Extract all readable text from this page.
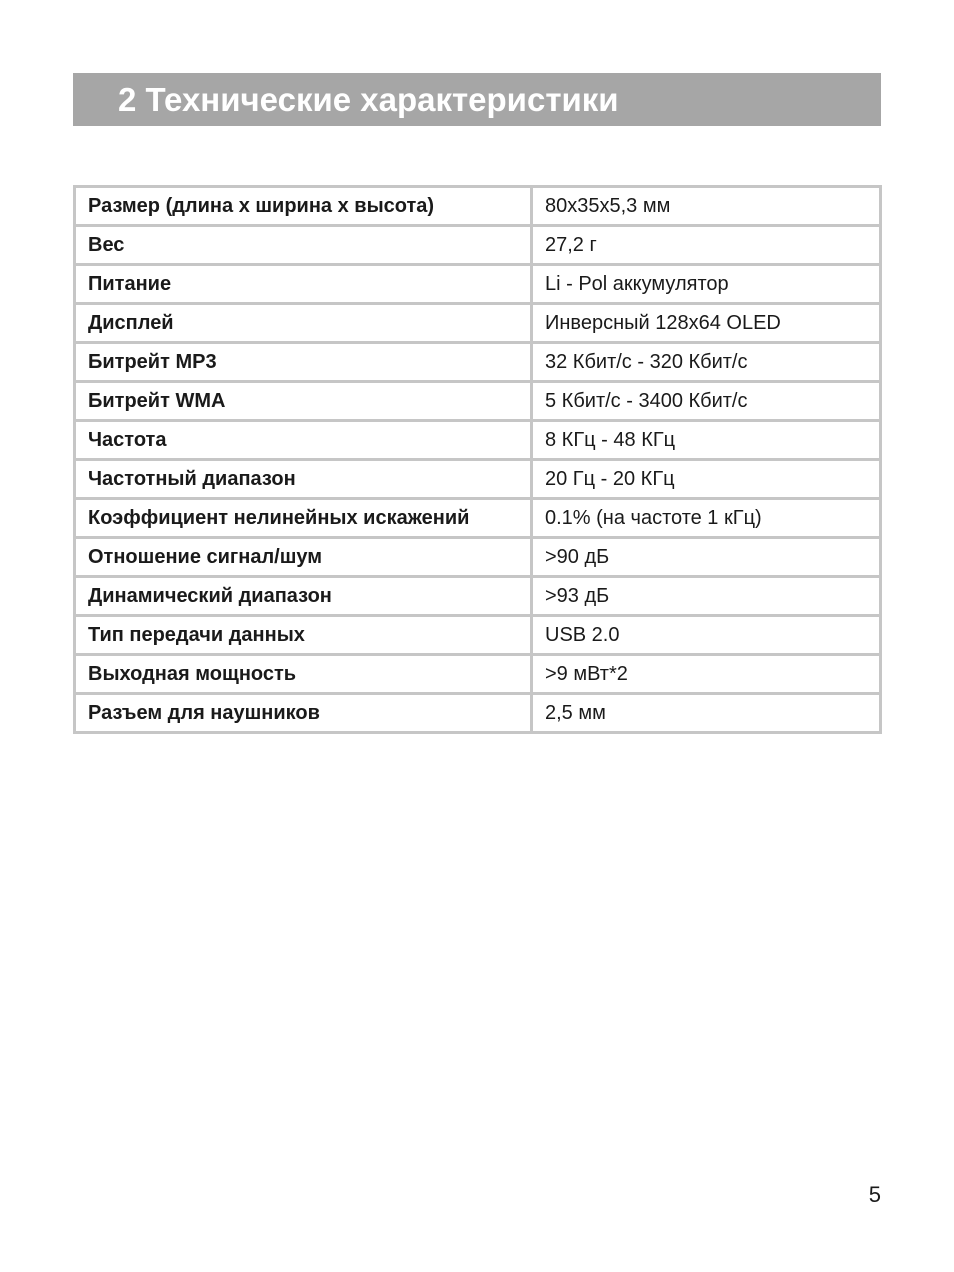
2 Технические характеристики
Размер (длина х ширина х высота)	80x35x5,3 мм
Вес	27,2 г
Питание	Li - Pol аккумулятор
Дисплей	Инверсный 128x64 OLED
Битрейт MP3	32 Кбит/с - 320 Кбит/с
Битрейт WMA	5 Кбит/с - 3400 Кбит/с
Частота	8 КГц - 48 КГц
Частотный диапазон	20 Гц - 20 КГц
Коэффициент нелинейных искажений	0.1% (на частоте 1 кГц)
Отношение сигнал/шум	>90 дБ
Динамический диапазон	>93 дБ
Тип передачи данных	USB 2.0
Выходная мощность	>9 мВт*2
Разъем для наушников	2,5 мм
5
